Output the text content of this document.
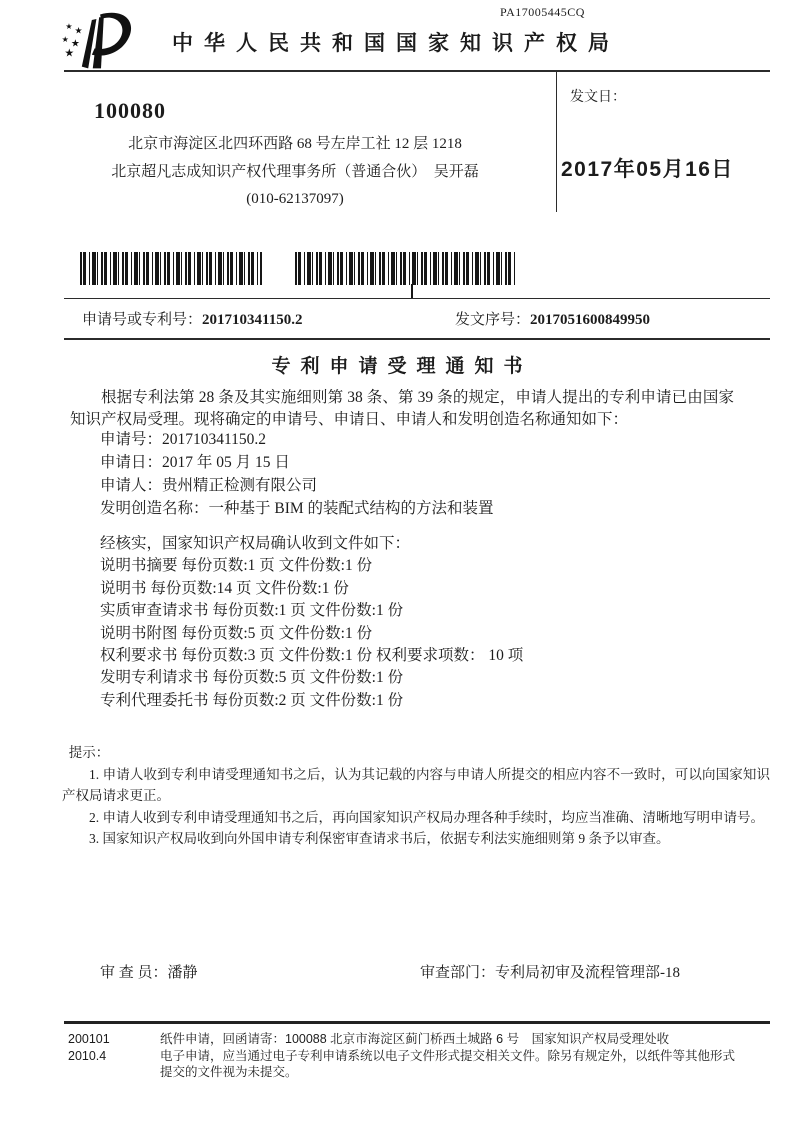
PA17005445CQ
★ ★
★ ★
★	中华人民共和国国家知识产权局
发文日：
2017年05月16日
100080
北京市海淀区北四环西路 68 号左岸工社 12 层 1218
北京超凡志成知识产权代理事务所（普通合伙）　吴开磊
(010-62137097)
申请号或专利号：201710341150.2	发文序号：2017051600849950
专利申请受理通知书
根据专利法第 28 条及其实施细则第 38 条、第 39 条的规定，申请人提出的专利申请已由国家知识产权局受理。现将确定的申请号、申请日、申请人和发明创造名称通知如下：
申请号：201710341150.2
申请日：2017 年 05 月 15 日
申请人：贵州精正检测有限公司
发明创造名称：一种基于 BIM 的装配式结构的方法和装置
经核实，国家知识产权局确认收到文件如下：
说明书摘要 每份页数:1 页 文件份数:1 份
说明书 每份页数:14 页 文件份数:1 份
实质审查请求书 每份页数:1 页 文件份数:1 份
说明书附图 每份页数:5 页 文件份数:1 份
权利要求书 每份页数:3 页 文件份数:1 份 权利要求项数： 10 项
发明专利请求书 每份页数:5 页 文件份数:1 份
专利代理委托书 每份页数:2 页 文件份数:1 份

提示：

1. 申请人收到专利申请受理通知书之后，认为其记载的内容与申请人所提交的相应内容不一致时，可以向国家知识产权局请求更正。

2. 申请人收到专利申请受理通知书之后，再向国家知识产权局办理各种手续时，均应当准确、清晰地写明申请号。

3. 国家知识产权局收到向外国申请专利保密审查请求书后，依据专利法实施细则第 9 条予以审查。

审 查 员：潘静	审查部门：专利局初审及流程管理部-18
200101	纸件申请，回函请寄：100088 北京市海淀区蓟门桥西土城路 6 号　国家知识产权局受理处收
2010.4	电子申请，应当通过电子专利申请系统以电子文件形式提交相关文件。除另有规定外，以纸件等其他形式提交的文件视为未提交。
